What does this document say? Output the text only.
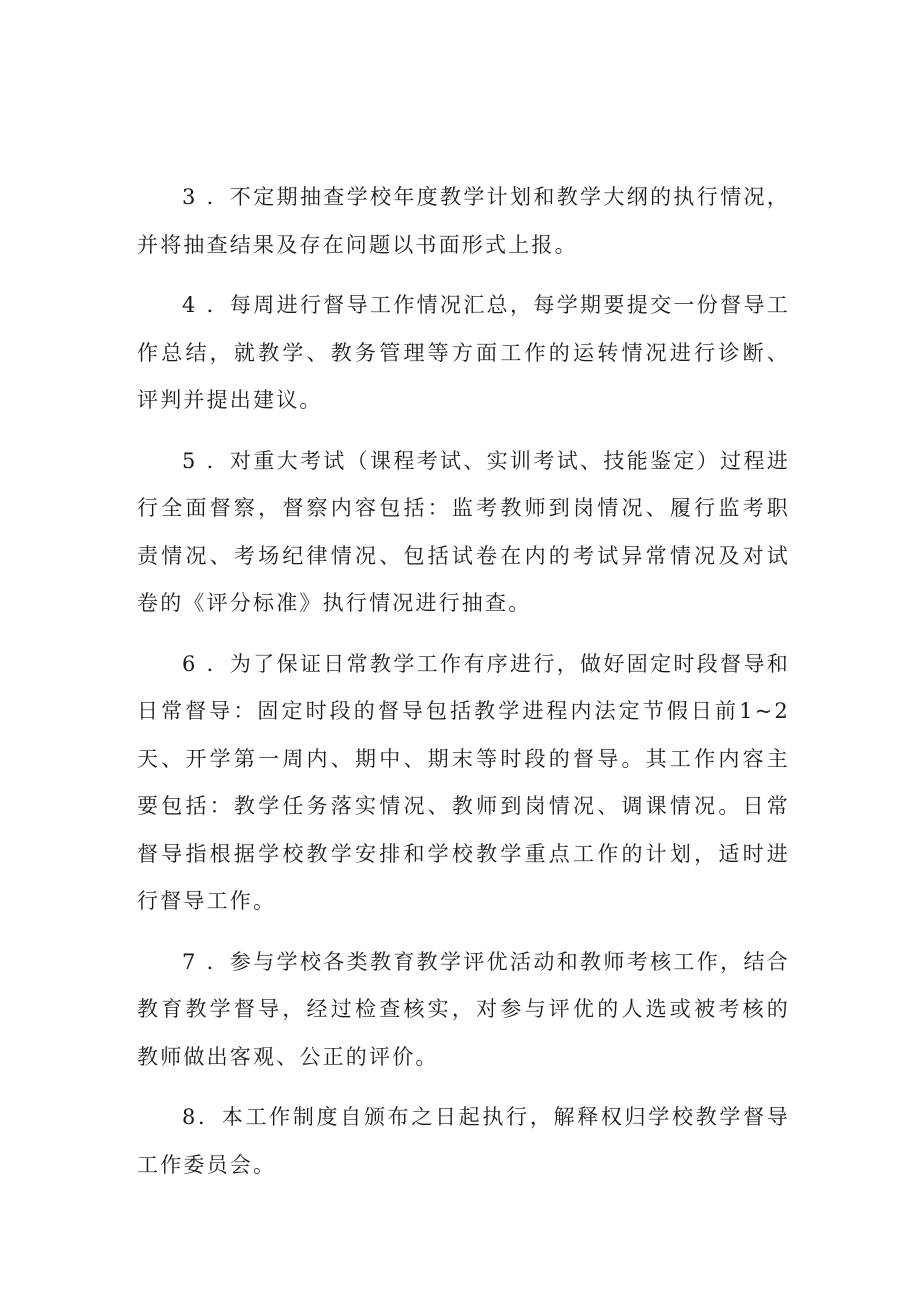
3 ．不定期抽查学校年度教学计划和教学大纲的执行情况，    并将抽查结果及存在问题以书面形式上报。

4 ．每周进行督导工作情况汇总，每学期要提交一份督导工 作总结，就教学、教务管理等方面工作的运转情况进行诊断、 评判并提出建议。

5 ．对重大考试（课程考试、实训考试、技能鉴定）过程进 行全面督察，督察内容包括：监考教师到岗情况、履行监考职 责情况、考场纪律情况、包括试卷在内的考试异常情况及对试  卷的《评分标准》执行情况进行抽查。

6 ．为了保证日常教学工作有序进行，做好固定时段督导和 日常督导：固定时段的督导包括教学进程内法定节假日前1~2 天、开学第一周内、期中、期末等时段的督导。其工作内容主 要包括：教学任务落实情况、教师到岗情况、调课情况。日常 督导指根据学校教学安排和学校教学重点工作的计划，适时进 行督导工作。

7 ．参与学校各类教育教学评优活动和教师考核工作，结合 教育教学督导，经过检查核实，对参与评优的人选或被考核的 教师做出客观、公正的评价。

8．本工作制度自颁布之日起执行，解释权归学校教学督导  工作委员会。
